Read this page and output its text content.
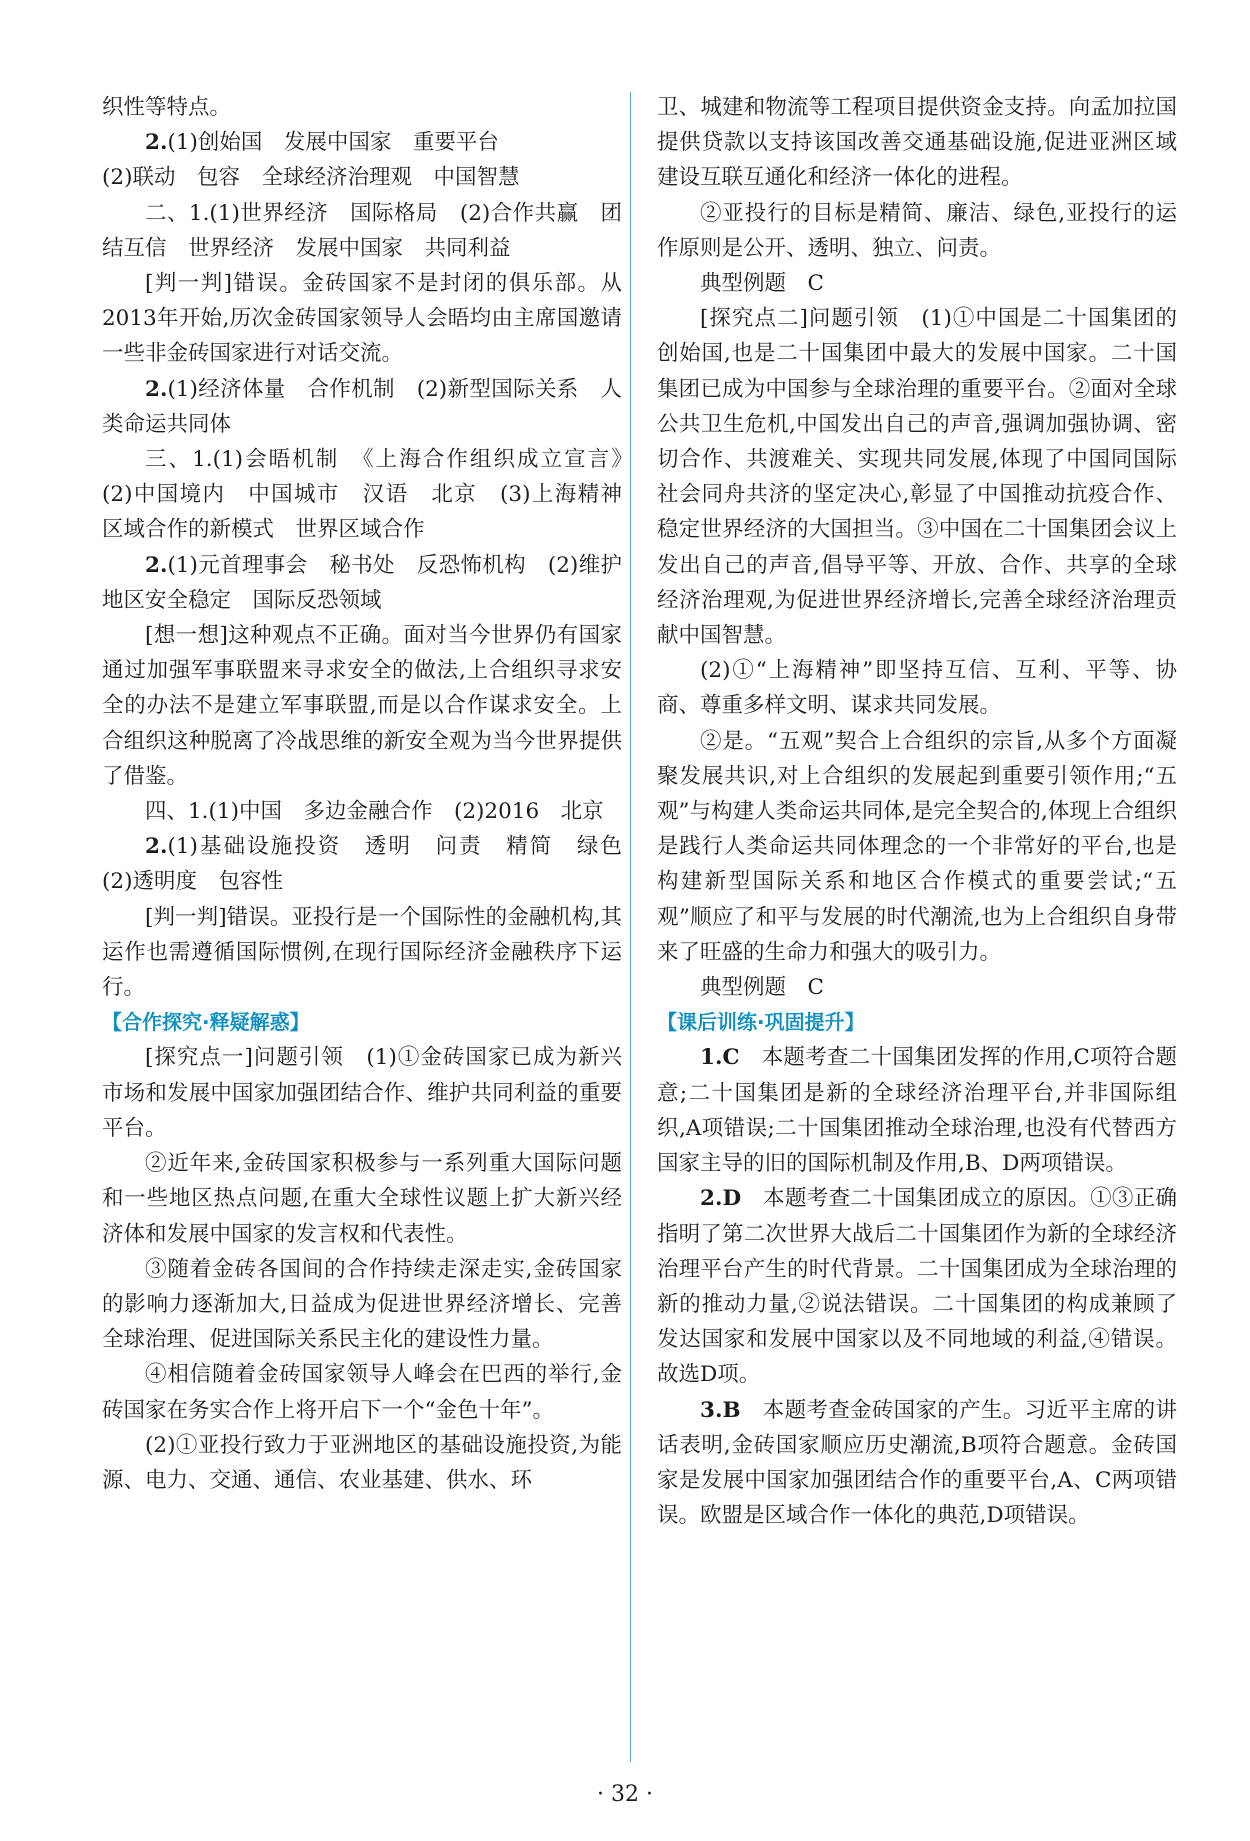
织性等特点。

2.(1)创始国　发展中国家　重要平台

(2)联动　包容　全球经济治理观　中国智慧

二、1.(1)世界经济　国际格局　(2)合作共赢　团结互信　世界经济　发展中国家　共同利益

[判一判]错误。金砖国家不是封闭的俱乐部。从2013年开始,历次金砖国家领导人会晤均由主席国邀请一些非金砖国家进行对话交流。

2.(1)经济体量　合作机制　(2)新型国际关系　人类命运共同体

三、1.(1)会晤机制　《上海合作组织成立宣言》　(2)中国境内　中国城市　汉语　北京　(3)上海精神　区域合作的新模式　世界区域合作

2.(1)元首理事会　秘书处　反恐怖机构　(2)维护地区安全稳定　国际反恐领域

[想一想]这种观点不正确。面对当今世界仍有国家通过加强军事联盟来寻求安全的做法,上合组织寻求安全的办法不是建立军事联盟,而是以合作谋求安全。上合组织这种脱离了冷战思维的新安全观为当今世界提供了借鉴。

四、1.(1)中国　多边金融合作　(2)2016　北京

2.(1)基础设施投资　透明　问责　精简　绿色　(2)透明度　包容性

[判一判]错误。亚投行是一个国际性的金融机构,其运作也需遵循国际惯例,在现行国际经济金融秩序下运行。

【合作探究·释疑解惑】

[探究点一]问题引领　(1)①金砖国家已成为新兴市场和发展中国家加强团结合作、维护共同利益的重要平台。

②近年来,金砖国家积极参与一系列重大国际问题和一些地区热点问题,在重大全球性议题上扩大新兴经济体和发展中国家的发言权和代表性。

③随着金砖各国间的合作持续走深走实,金砖国家的影响力逐渐加大,日益成为促进世界经济增长、完善全球治理、促进国际关系民主化的建设性力量。

④相信随着金砖国家领导人峰会在巴西的举行,金砖国家在务实合作上将开启下一个“金色十年”。

(2)①亚投行致力于亚洲地区的基础设施投资,为能源、电力、交通、通信、农业基建、供水、环

卫、城建和物流等工程项目提供资金支持。向孟加拉国提供贷款以支持该国改善交通基础设施,促进亚洲区域建设互联互通化和经济一体化的进程。

②亚投行的目标是精简、廉洁、绿色,亚投行的运作原则是公开、透明、独立、问责。

典型例题　C

[探究点二]问题引领　(1)①中国是二十国集团的创始国,也是二十国集团中最大的发展中国家。二十国集团已成为中国参与全球治理的重要平台。②面对全球公共卫生危机,中国发出自己的声音,强调加强协调、密切合作、共渡难关、实现共同发展,体现了中国同国际社会同舟共济的坚定决心,彰显了中国推动抗疫合作、稳定世界经济的大国担当。③中国在二十国集团会议上发出自己的声音,倡导平等、开放、合作、共享的全球经济治理观,为促进世界经济增长,完善全球经济治理贡献中国智慧。

(2)①“上海精神”即坚持互信、互利、平等、协商、尊重多样文明、谋求共同发展。

②是。“五观”契合上合组织的宗旨,从多个方面凝聚发展共识,对上合组织的发展起到重要引领作用;“五观”与构建人类命运共同体,是完全契合的,体现上合组织是践行人类命运共同体理念的一个非常好的平台,也是构建新型国际关系和地区合作模式的重要尝试;“五观”顺应了和平与发展的时代潮流,也为上合组织自身带来了旺盛的生命力和强大的吸引力。

典型例题　C

【课后训练·巩固提升】

1.C　本题考查二十国集团发挥的作用,C项符合题意;二十国集团是新的全球经济治理平台,并非国际组织,A项错误;二十国集团推动全球治理,也没有代替西方国家主导的旧的国际机制及作用,B、D两项错误。

2.D　本题考查二十国集团成立的原因。①③正确指明了第二次世界大战后二十国集团作为新的全球经济治理平台产生的时代背景。二十国集团成为全球治理的新的推动力量,②说法错误。二十国集团的构成兼顾了发达国家和发展中国家以及不同地域的利益,④错误。故选D项。

3.B　本题考查金砖国家的产生。习近平主席的讲话表明,金砖国家顺应历史潮流,B项符合题意。金砖国家是发展中国家加强团结合作的重要平台,A、C两项错误。欧盟是区域合作一体化的典范,D项错误。

· 32 ·
